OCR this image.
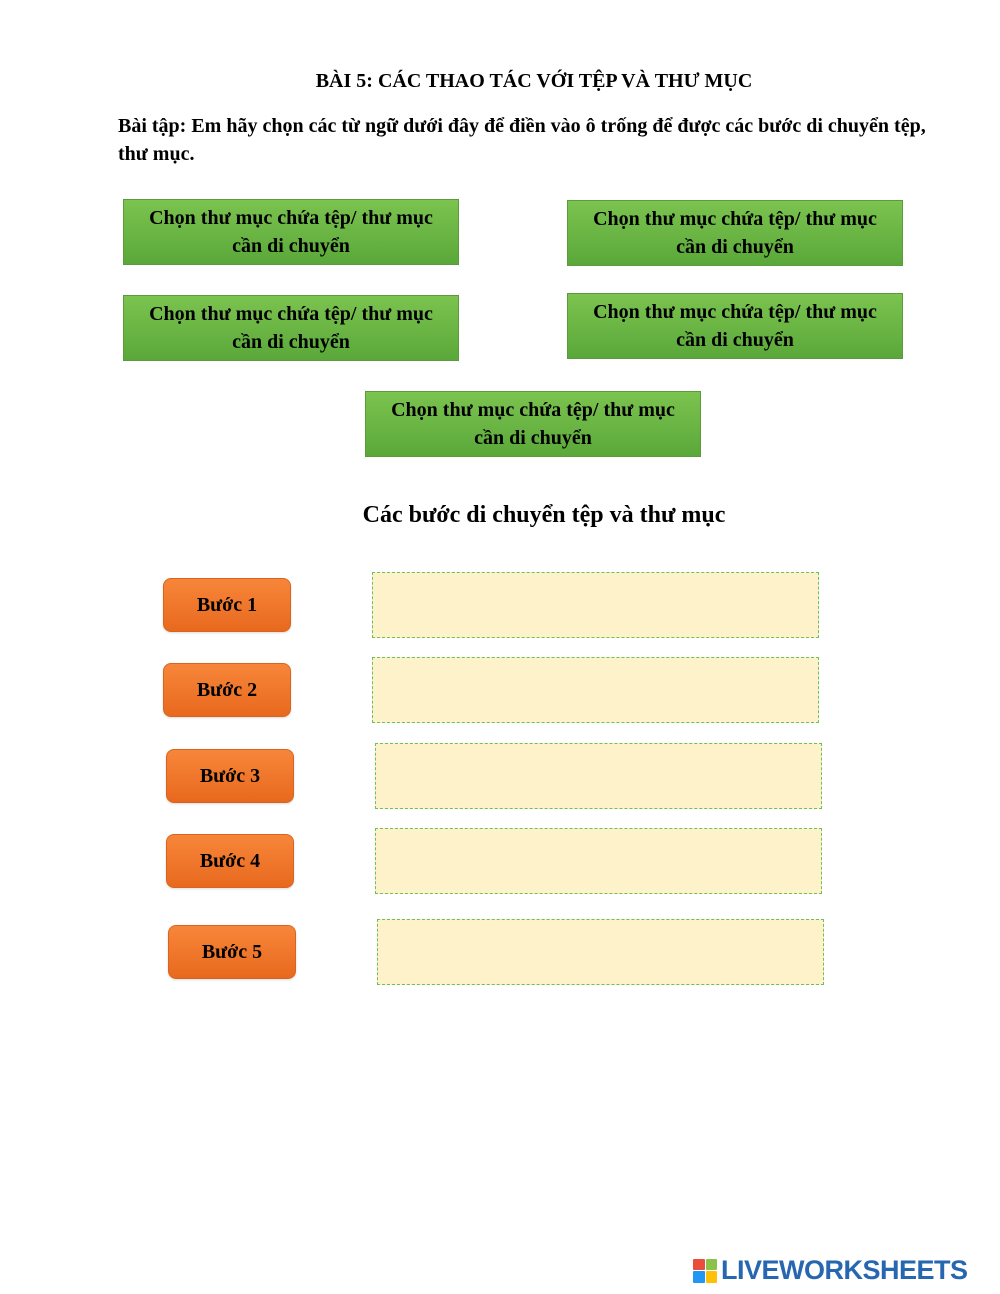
BÀI 5: CÁC THAO TÁC VỚI TỆP VÀ THƯ MỤC
Bài tập: Em hãy chọn các từ ngữ dưới đây để điền vào ô trống để được các bước di chuyển tệp, thư mục.
Chọn thư mục chứa tệp/ thư mục cần di chuyển
Chọn thư mục chứa tệp/ thư mục cần di chuyển
Chọn thư mục chứa tệp/ thư mục cần di chuyển
Chọn thư mục chứa tệp/ thư mục cần di chuyển
Chọn thư mục chứa tệp/ thư mục cần di chuyển
Các bước di chuyển tệp và thư mục
Bước 1
Bước 2
Bước 3
Bước 4
Bước 5
LIVEWORKSHEETS
